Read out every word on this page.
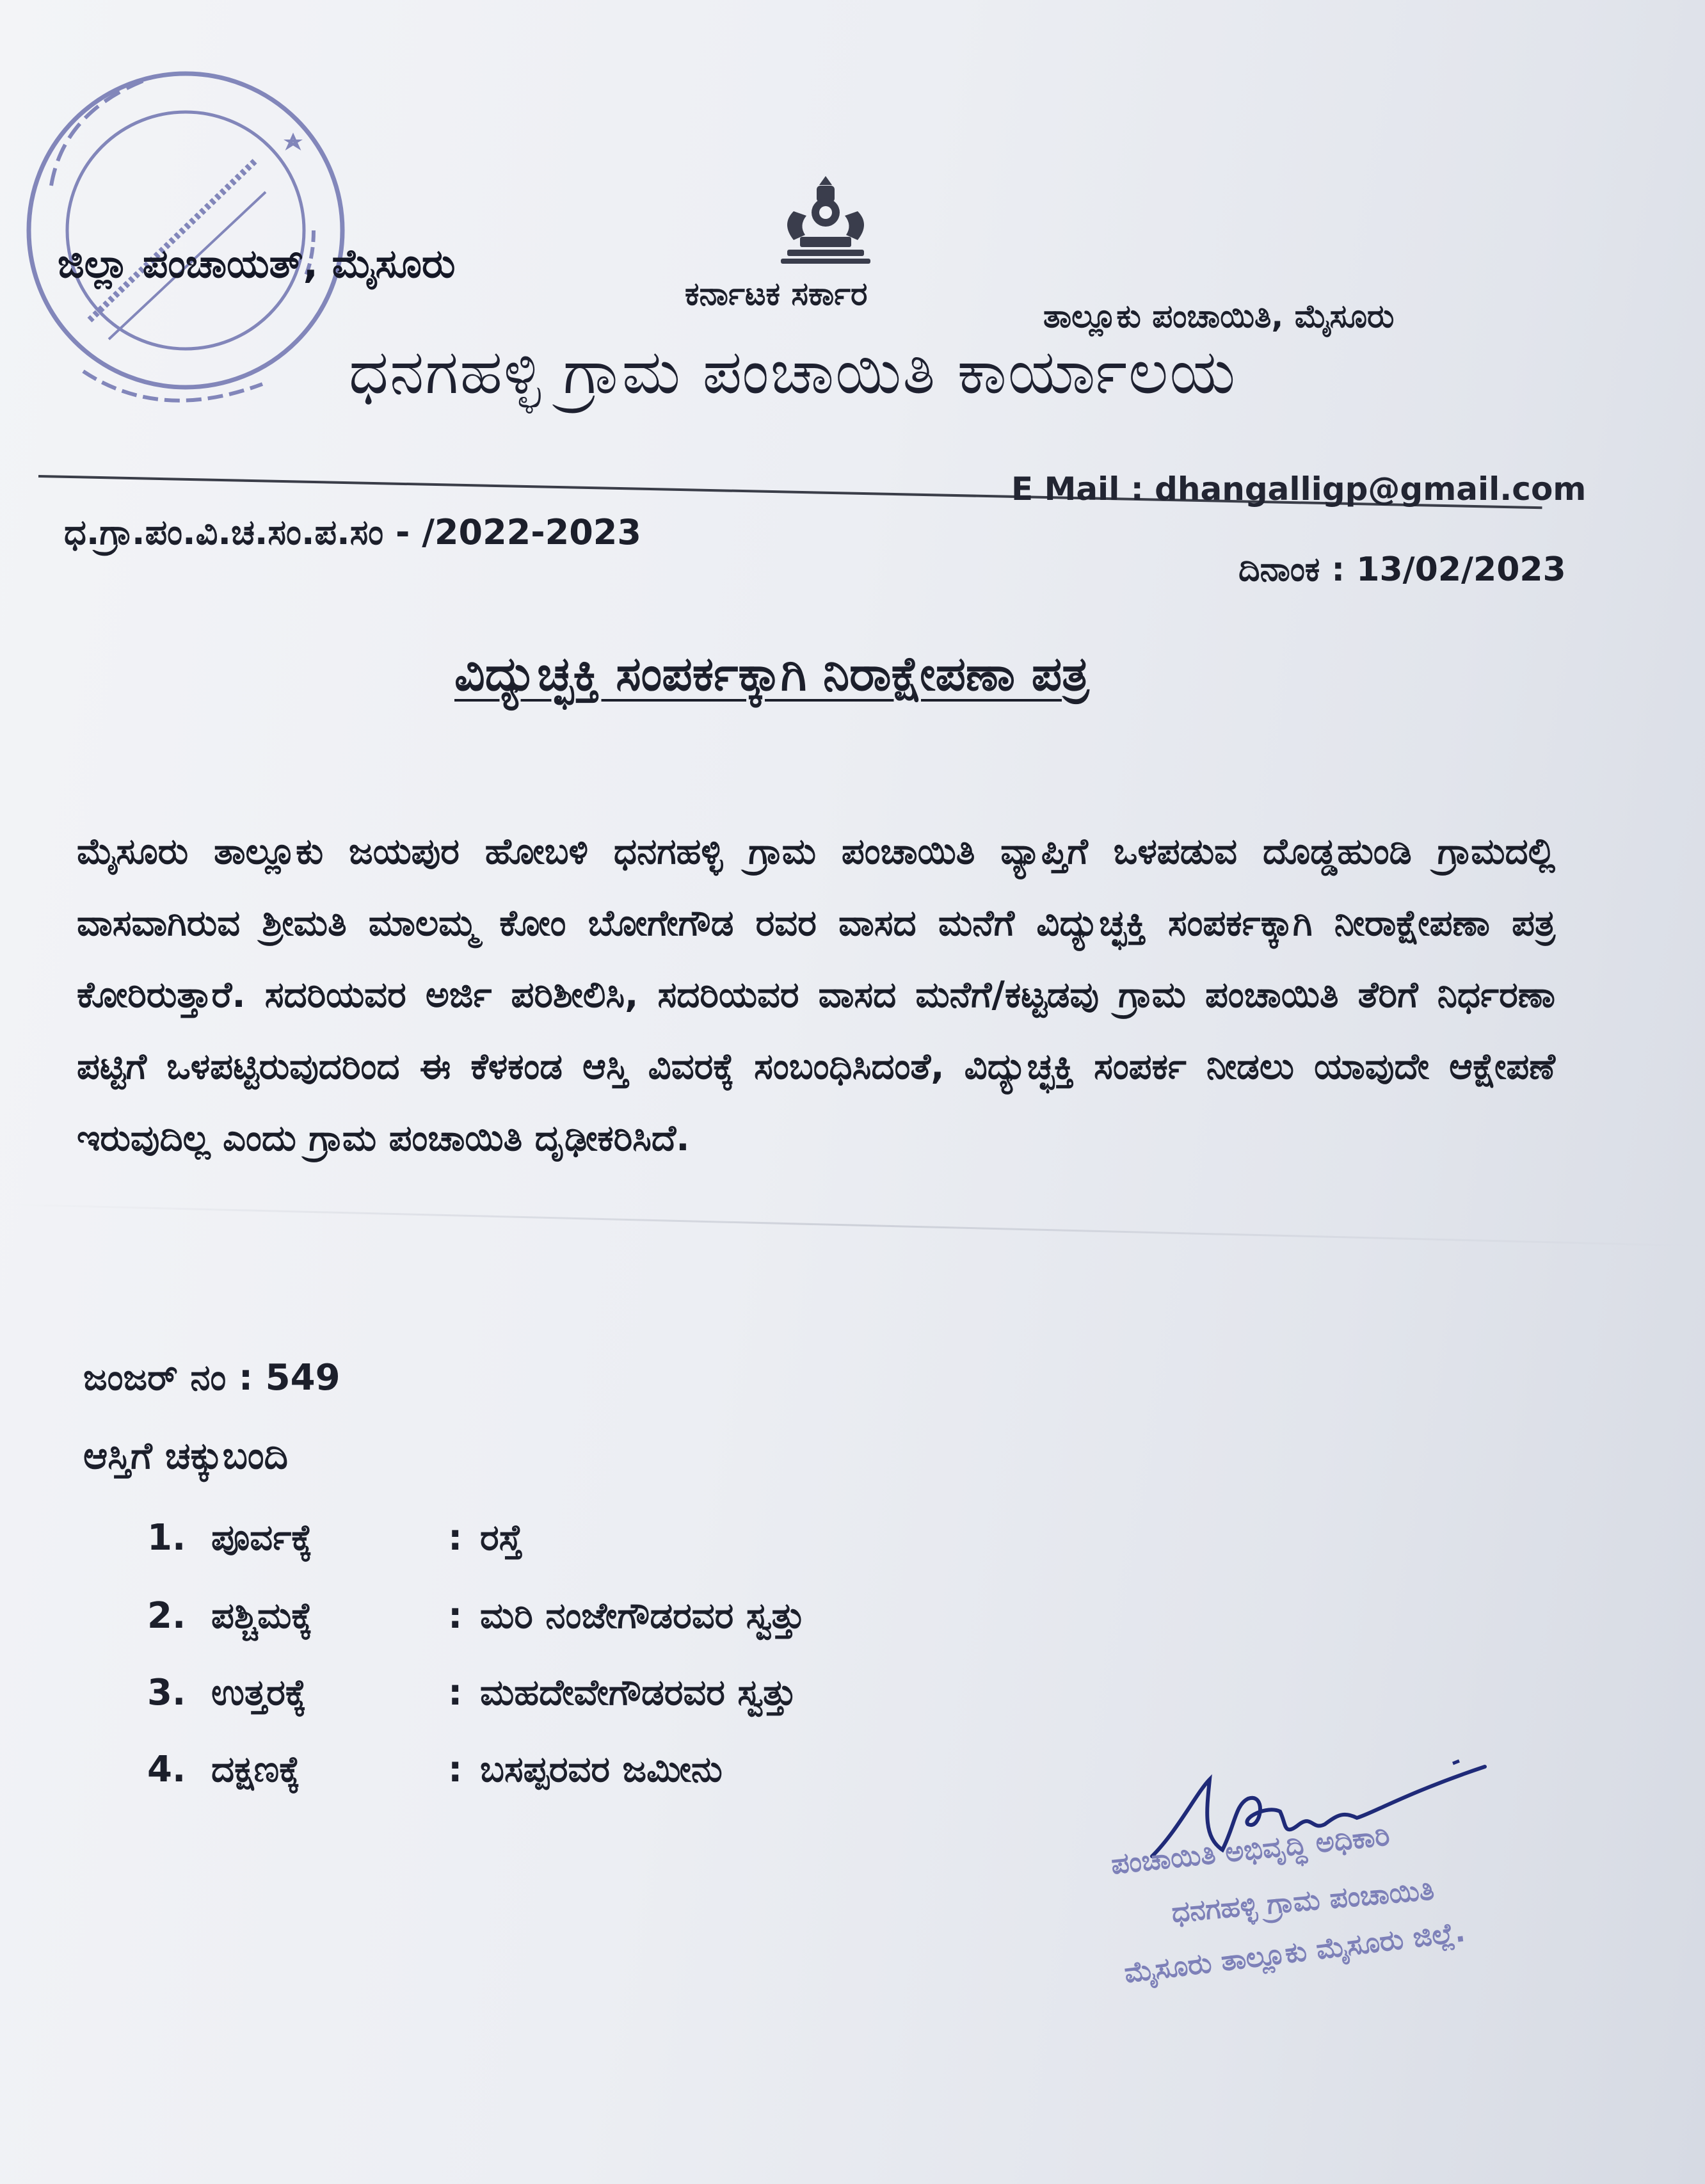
ಜಿಲ್ಲಾ ಪಂಚಾಯತ್, ಮೈಸೂರು
ಕರ್ನಾಟಕ ಸರ್ಕಾರ
ತಾಲ್ಲೂಕು ಪಂಚಾಯಿತಿ, ಮೈಸೂರು
ಧನಗಹಳ್ಳಿ ಗ್ರಾಮ ಪಂಚಾಯಿತಿ ಕಾರ್ಯಾಲಯ
E Mail : dhangalligp@gmail.com
ಧ.ಗ್ರಾ.ಪಂ.ವಿ.ಚ.ಸಂ.ಪ.ಸಂ - /2022-2023
ದಿನಾಂಕ : 13/02/2023
ವಿದ್ಯುಚ್ಛಕ್ತಿ ಸಂಪರ್ಕಕ್ಕಾಗಿ ನಿರಾಕ್ಷೇಪಣಾ ಪತ್ರ
ಮೈಸೂರು ತಾಲ್ಲೂಕು ಜಯಪುರ ಹೋಬಳಿ ಧನಗಹಳ್ಳಿ ಗ್ರಾಮ ಪಂಚಾಯಿತಿ ವ್ಯಾಪ್ತಿಗೆ ಒಳಪಡುವ ದೊಡ್ಡಹುಂಡಿ ಗ್ರಾಮದಲ್ಲಿ ವಾಸವಾಗಿರುವ ಶ್ರೀಮತಿ ಮಾಲಮ್ಮ ಕೋಂ ಬೋಗೇಗೌಡ ರವರ ವಾಸದ ಮನೆಗೆ ವಿದ್ಯುಚ್ಛಕ್ತಿ ಸಂಪರ್ಕಕ್ಕಾಗಿ ನೀರಾಕ್ಷೇಪಣಾ ಪತ್ರ ಕೋರಿರುತ್ತಾರೆ. ಸದರಿಯವರ ಅರ್ಜಿ ಪರಿಶೀಲಿಸಿ, ಸದರಿಯವರ ವಾಸದ ಮನೆಗೆ/ಕಟ್ಟಡವು ಗ್ರಾಮ ಪಂಚಾಯಿತಿ ತೆರಿಗೆ ನಿರ್ಧರಣಾ ಪಟ್ಟಿಗೆ ಒಳಪಟ್ಟಿರುವುದರಿಂದ ಈ ಕೆಳಕಂಡ ಆಸ್ತಿ ವಿವರಕ್ಕೆ ಸಂಬಂಧಿಸಿದಂತೆ, ವಿದ್ಯುಚ್ಛಕ್ತಿ ಸಂಪರ್ಕ ನೀಡಲು ಯಾವುದೇ ಆಕ್ಷೇಪಣೆ ಇರುವುದಿಲ್ಲ ಎಂದು ಗ್ರಾಮ ಪಂಚಾಯಿತಿ ದೃಢೀಕರಿಸಿದೆ.
ಜಂಜರ್ ನಂ : 549
ಆಸ್ತಿಗೆ ಚಕ್ಕುಬಂದಿ
1. ಪೂರ್ವಕ್ಕೆ	: ರಸ್ತೆ
2. ಪಶ್ಚಿಮಕ್ಕೆ	: ಮರಿ ನಂಜೇಗೌಡರವರ ಸ್ವತ್ತು
3. ಉತ್ತರಕ್ಕೆ	: ಮಹದೇವೇಗೌಡರವರ ಸ್ವತ್ತು
4. ದಕ್ಷಣಕ್ಕೆ	: ಬಸಪ್ಪರವರ ಜಮೀನು
ಪಂಚಾಯಿತಿ ಅಭಿವೃದ್ಧಿ ಅಧಿಕಾರಿ
ಧನಗಹಳ್ಳಿ ಗ್ರಾಮ ಪಂಚಾಯಿತಿ
ಮೈಸೂರು ತಾಲ್ಲೂಕು ಮೈಸೂರು ಜಿಲ್ಲೆ.
